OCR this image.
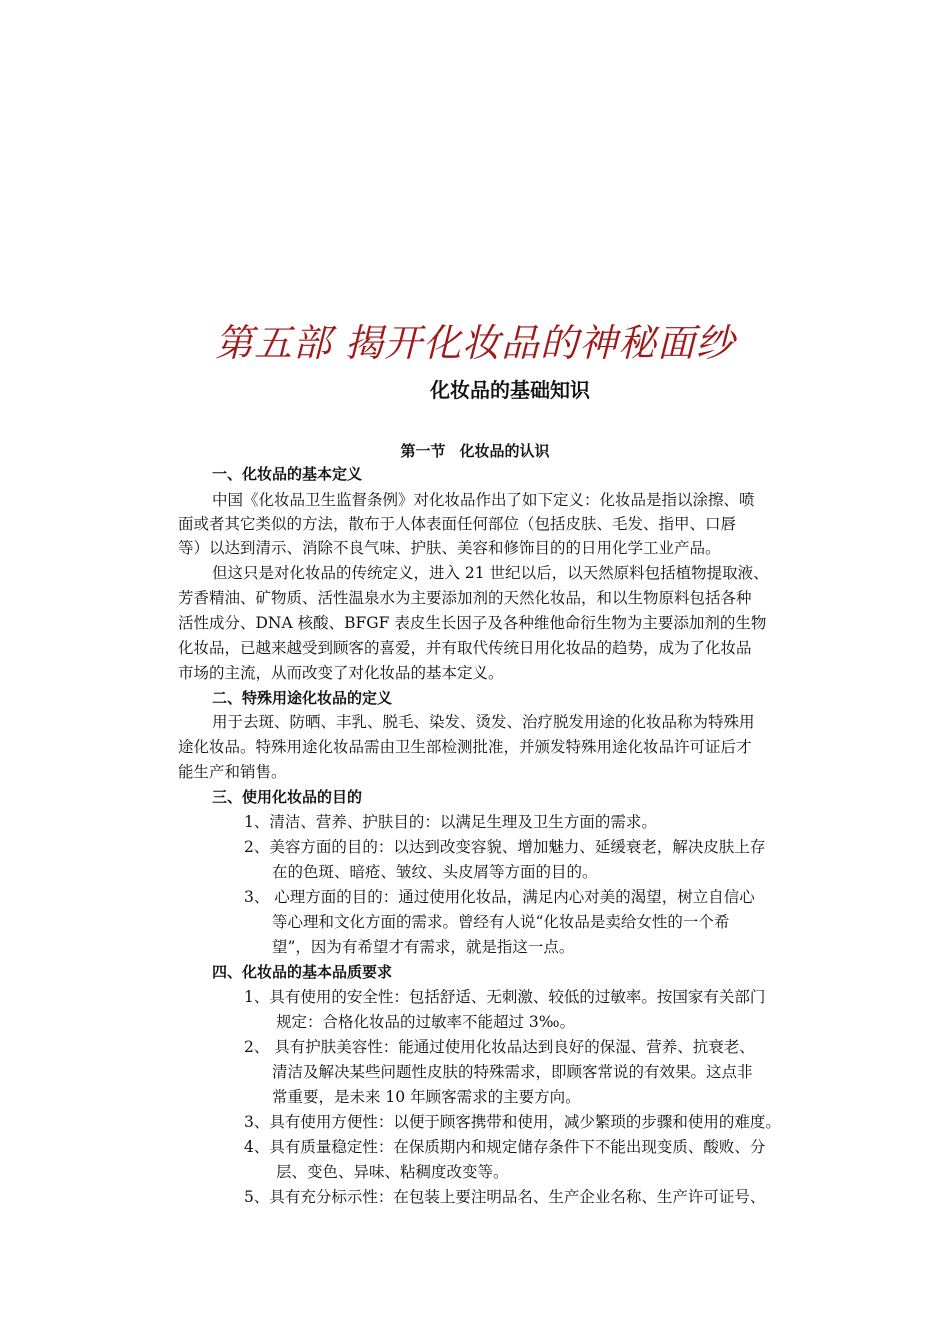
第五部 揭开化妆品的神秘面纱
化妆品的基础知识
第一节 化妆品的认识
一、化妆品的基本定义
中国《化妆品卫生监督条例》对化妆品作出了如下定义：化妆品是指以涂擦、喷
面或者其它类似的方法，散布于人体表面任何部位（包括皮肤、毛发、指甲、口唇
等）以达到清示、消除不良气味、护肤、美容和修饰目的的日用化学工业产品。
但这只是对化妆品的传统定义，进入 21 世纪以后，以天然原料包括植物提取液、
芳香精油、矿物质、活性温泉水为主要添加剂的天然化妆品，和以生物原料包括各种
活性成分、DNA 核酸、BFGF 表皮生长因子及各种维他命衍生物为主要添加剂的生物
化妆品，已越来越受到顾客的喜爱，并有取代传统日用化妆品的趋势，成为了化妆品
市场的主流，从而改变了对化妆品的基本定义。
二、特殊用途化妆品的定义
用于去斑、防晒、丰乳、脱毛、染发、烫发、治疗脱发用途的化妆品称为特殊用
途化妆品。特殊用途化妆品需由卫生部检测批准，并颁发特殊用途化妆品许可证后才
能生产和销售。
三、使用化妆品的目的
1、清洁、营养、护肤目的：以满足生理及卫生方面的需求。
2、美容方面的目的：以达到改变容貌、增加魅力、延缓衰老，解决皮肤上存
在的色斑、暗疮、皱纹、头皮屑等方面的目的。
3、 心理方面的目的：通过使用化妆品，满足内心对美的渴望，树立自信心
等心理和文化方面的需求。曾经有人说“化妆品是卖给女性的一个希
望”，因为有希望才有需求，就是指这一点。
四、化妆品的基本品质要求
1、具有使用的安全性：包括舒适、无刺激、较低的过敏率。按国家有关部门
规定：合格化妆品的过敏率不能超过 3‰。
2、 具有护肤美容性：能通过使用化妆品达到良好的保湿、营养、抗衰老、
清洁及解决某些问题性皮肤的特殊需求，即顾客常说的有效果。这点非
常重要，是未来 10 年顾客需求的主要方向。
3、具有使用方便性：以便于顾客携带和使用，减少繁琐的步骤和使用的难度。
4、具有质量稳定性：在保质期内和规定储存条件下不能出现变质、酸败、分
层、变色、异味、粘稠度改变等。
5、具有充分标示性：在包装上要注明品名、生产企业名称、生产许可证号、
